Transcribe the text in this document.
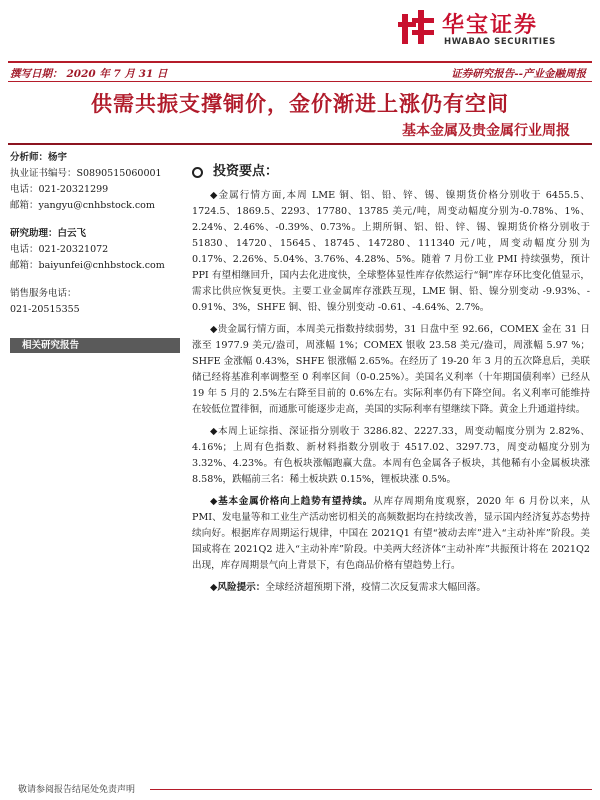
华宝证券
HWABAO SECURITIES
撰写日期： 2020 年 7 月 31 日	证券研究报告--产业金融周报
供需共振支撑铜价，金价渐进上涨仍有空间
基本金属及贵金属行业周报
分析师：杨宇
执业证书编号：S0890515060001
电话：021-20321299
邮箱：yangyu@cnhbstock.com
研究助理：白云飞
电话：021-20321072
邮箱：baiyunfei@cnhbstock.com
销售服务电话：
021-20515355
相关研究报告
投资要点：

◆金属行情方面,本周 LME 铜、铝、铅、锌、锡、镍期货价格分别收于 6455.5、1724.5、1869.5、2293、17780、13785 美元/吨，周变动幅度分别为-0.78%、1%、2.24%、2.46%、-0.39%、0.73%。上期所铜、铝、铅、锌、锡、镍期货价格分别收于 51830、14720、15645、18745、147280、111340 元/吨，周变动幅度分别为 0.17%、2.26%、5.04%、3.76%、4.28%、5%。随着 7 月份工业 PMI 持续强势，预计 PPI 有望相继回升，国内去化进度快，全球整体显性库存依然运行“铜”库存环比变化值显示，需求比供应恢复更快。主要工业金属库存涨跌互现，LME 铜、铅、镍分别变动 -9.93%、- 0.91%、3%，SHFE 铜、铅、镍分别变动 -0.61、-4.64%、2.7%。

◆贵金属行情方面，本周美元指数持续弱势，31 日盘中至 92.66，COMEX 金在 31 日涨至 1977.9 美元/盎司，周涨幅 1%；COMEX 银收 23.58 美元/盎司，周涨幅 5.97 %；SHFE 金涨幅 0.43%，SHFE 银涨幅 2.65%。在经历了 19-20 年 3 月的五次降息后，美联储已经将基准利率调整至 0 利率区间（0-0.25%）。美国名义利率（十年期国债利率）已经从 19 年 5 月的 2.5%左右降至目前的 0.6%左右。实际利率仍有下降空间。名义利率可能维持在较低位置徘徊，而通胀可能逐步走高，美国的实际利率有望继续下降。黄金上升通道持续。

◆本周上证综指、深证指分别收于 3286.82、2227.33，周变动幅度分别为 2.82%、4.16%；上周有色指数、新材料指数分别收于 4517.02、3297.73，周变动幅度分别为 3.32%、4.23%。有色板块涨幅跑赢大盘。本周有色金属各子板块，其他稀有小金属板块涨 8.58%，跌幅前三名：稀土板块跌 0.15%，锂板块涨 0.5%。

◆基本金属价格向上趋势有望持续。从库存周期角度观察，2020 年 6 月份以来，从 PMI、发电量等和工业生产活动密切相关的高频数据均在持续改善，显示国内经济复苏态势持续向好。根据库存周期运行规律，中国在 2021Q1 有望“被动去库”进入“主动补库”阶段。美国或将在 2021Q2 进入“主动补库”阶段。中美两大经济体“主动补库”共振预计将在 2021Q2 出现，库存周期景气向上背景下，有色商品价格有望趋势上行。

◆风险提示：全球经济超预期下滑，疫情二次反复需求大幅回落。

敬请参阅报告结尾处免责声明
